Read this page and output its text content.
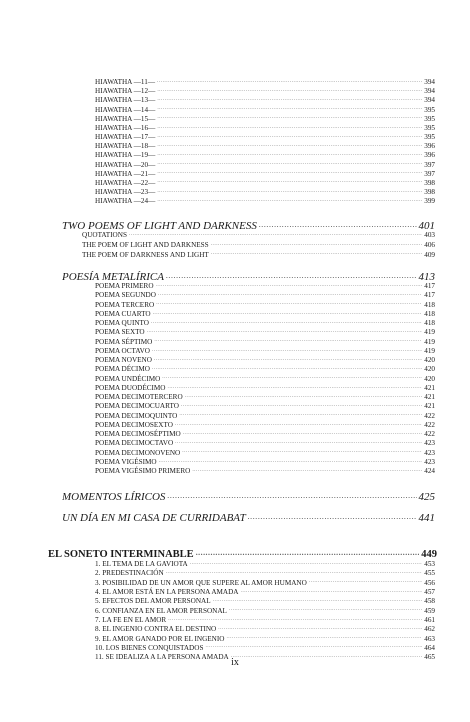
HIAWATHA —11— .....	394
HIAWATHA —12— .....	394
HIAWATHA —13— .....	394
HIAWATHA —14— .....	395
HIAWATHA —15— .....	395
HIAWATHA —16— .....	395
HIAWATHA —17— .....	395
HIAWATHA —18— .....	396
HIAWATHA —19— .....	396
HIAWATHA —20— .....	397
HIAWATHA —21— .....	397
HIAWATHA —22— .....	398
HIAWATHA —23— .....	398
HIAWATHA —24— .....	399
TWO POEMS OF LIGHT AND DARKNESS .....	401
QUOTATIONS .....	403
THE POEM OF LIGHT AND DARKNESS .....	406
THE POEM OF DARKNESS AND LIGHT .....	409
POESÍA METALÍRICA .....	413
POEMA PRIMERO .....	417
POEMA SEGUNDO .....	417
POEMA TERCERO .....	418
POEMA CUARTO .....	418
POEMA QUINTO .....	418
POEMA SEXTO .....	419
POEMA SÉPTIMO .....	419
POEMA OCTAVO .....	419
POEMA NOVENO .....	420
POEMA DÉCIMO .....	420
POEMA UNDÉCIMO .....	420
POEMA DUODÉCIMO .....	421
POEMA DECIMOTERCERO .....	421
POEMA DECIMOCUARTO .....	421
POEMA DECIMOQUINTO .....	422
POEMA DECIMOSEXTO .....	422
POEMA DECIMOSÉPTIMO .....	422
POEMA DECIMOCTAVO .....	423
POEMA DECIMONOVENO .....	423
POEMA VIGÉSIMO .....	423
POEMA VIGÉSIMO PRIMERO .....	424
MOMENTOS LÍRICOS .....	425
UN DÍA EN MI CASA DE CURRIDABAT .....	441
EL SONETO INTERMINABLE .....	449
1. EL TEMA DE LA GAVIOTA .....	453
2. PREDESTINACIÓN .....	455
3. POSIBILIDAD DE UN AMOR QUE SUPERE AL AMOR HUMANO .....	456
4. EL AMOR ESTÁ EN LA PERSONA AMADA .....	457
5. EFECTOS DEL AMOR PERSONAL .....	458
6. CONFIANZA EN EL AMOR PERSONAL .....	459
7. LA FE EN EL AMOR .....	461
8. EL INGENIO CONTRA EL DESTINO .....	462
9. EL AMOR GANADO POR EL INGENIO .....	463
10. LOS BIENES CONQUISTADOS .....	464
11. SE IDEALIZA A LA PERSONA AMADA .....	465
ix
